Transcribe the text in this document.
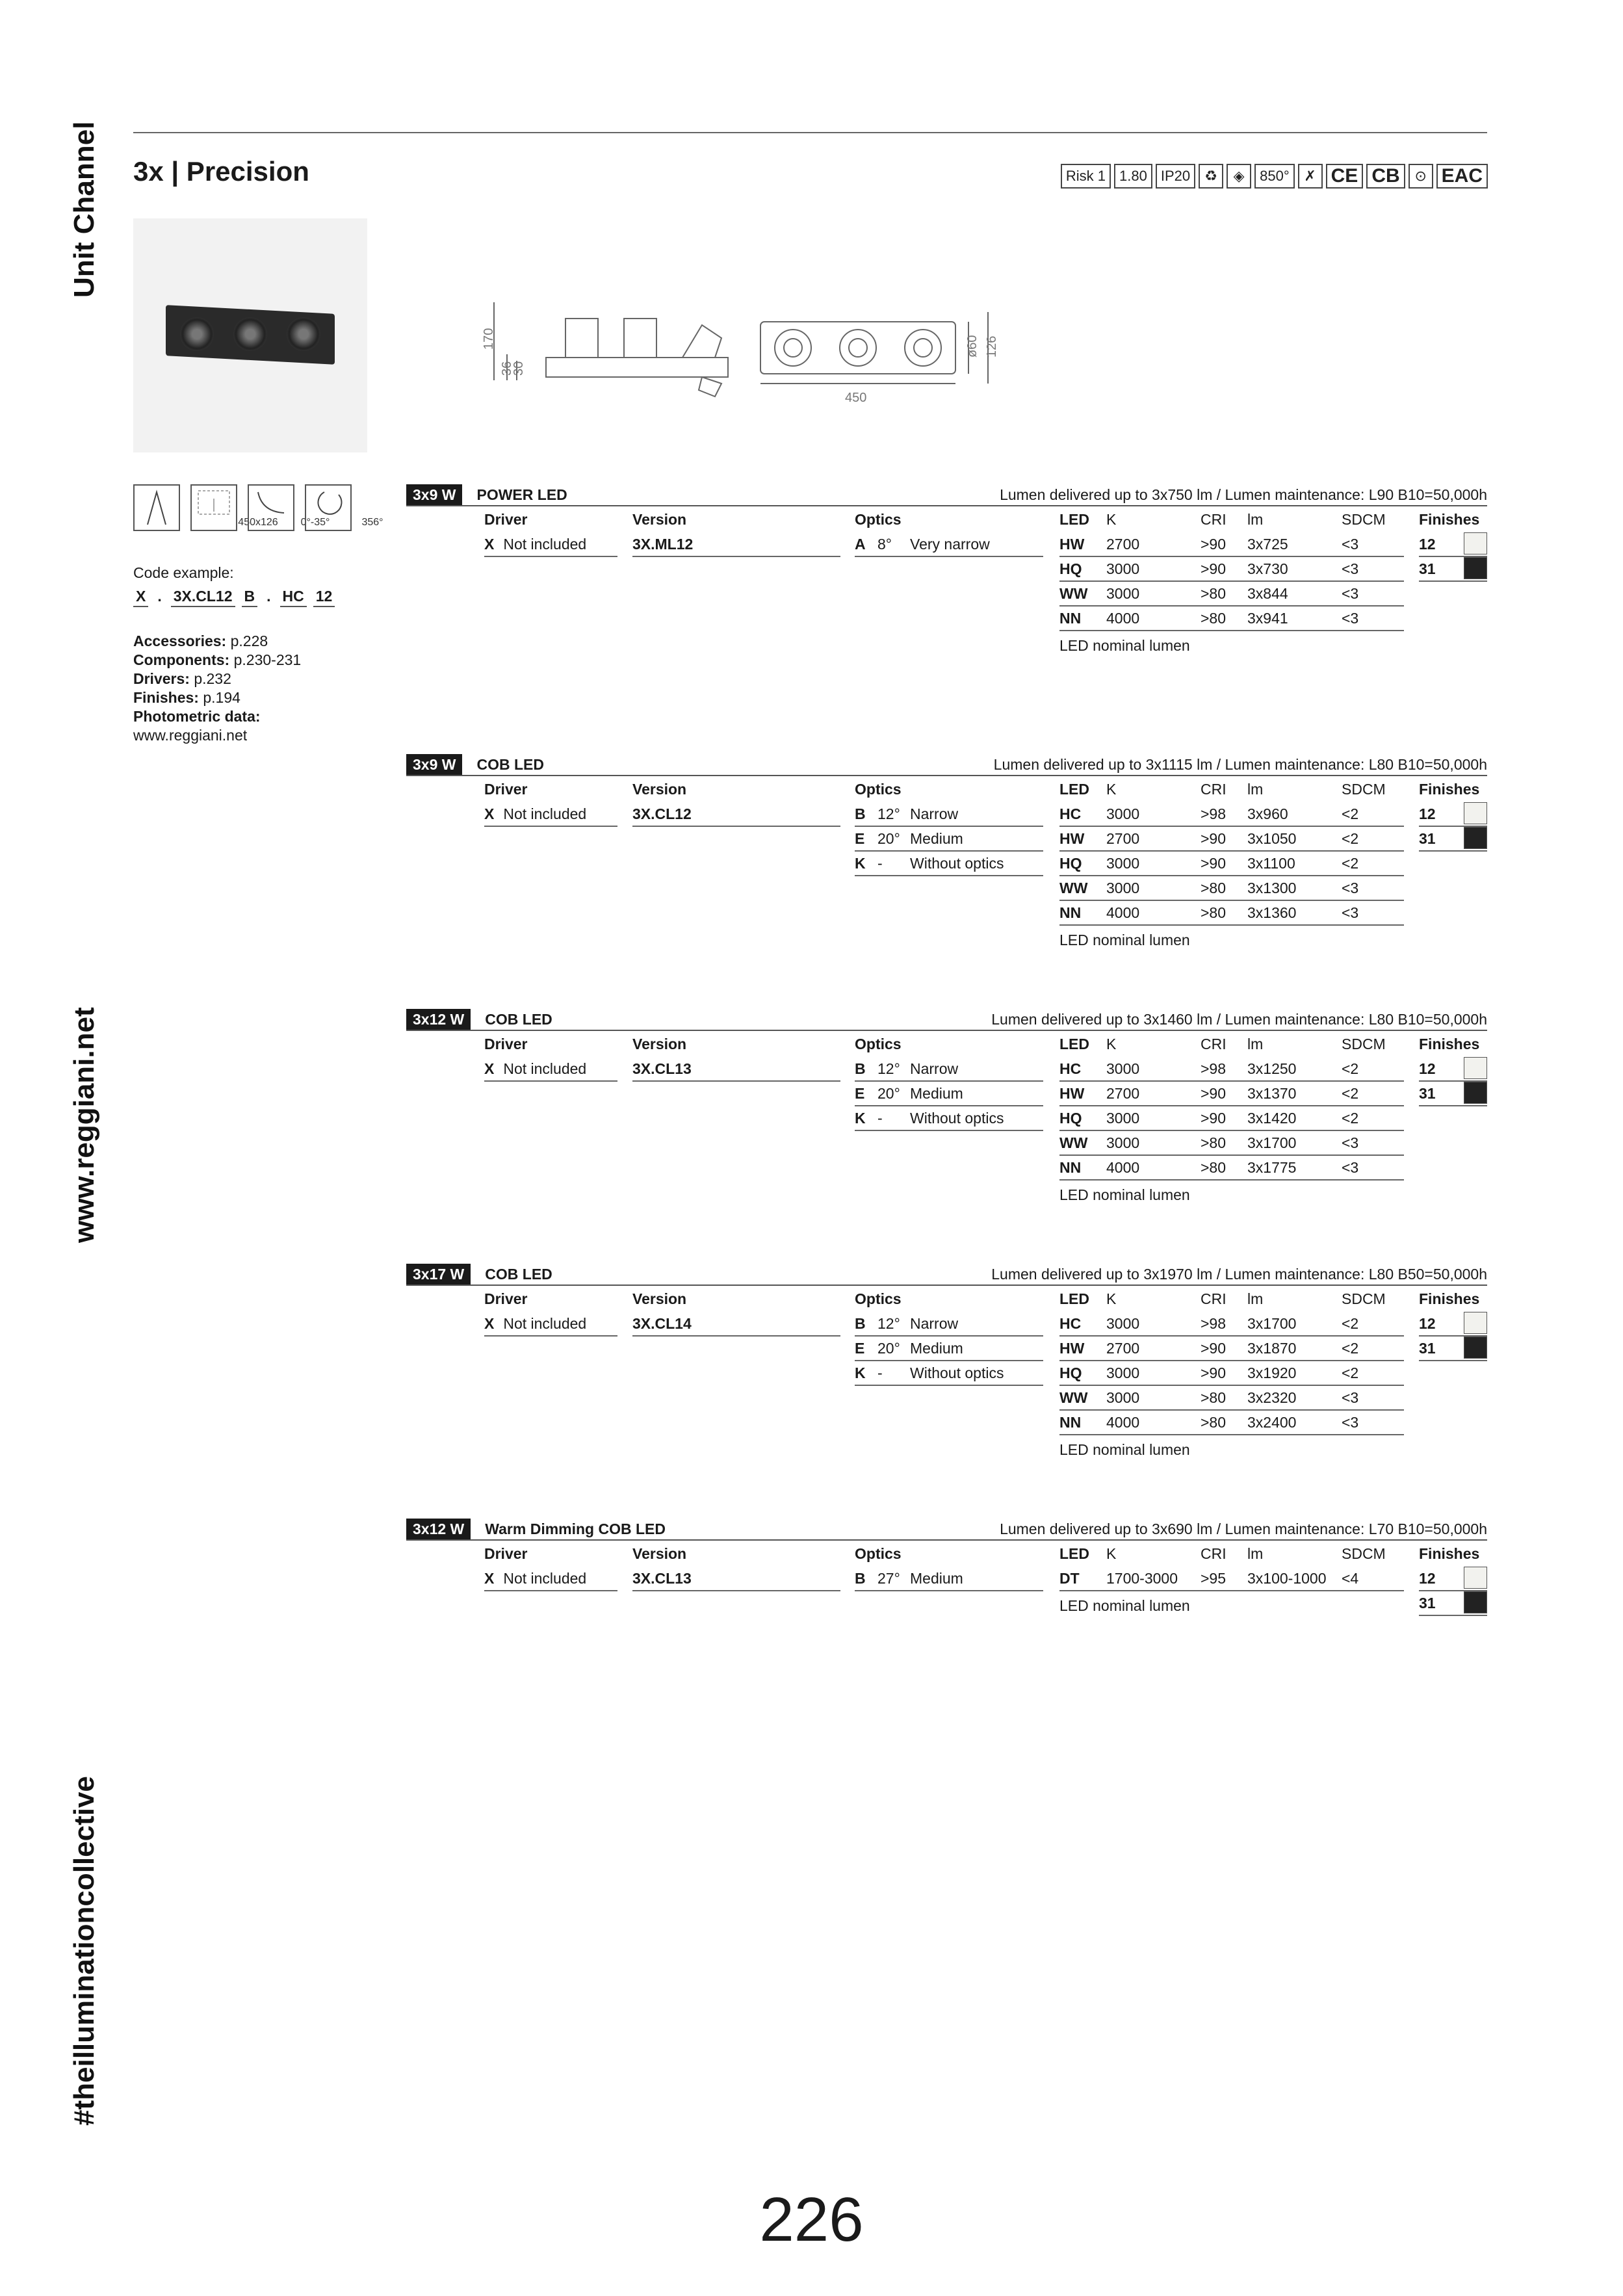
Unit Channel
www.reggiani.net
#theilluminationcollective
3x | Precision	Risk 1 1.80 IP20	♻	◈	850°	✗ CE CB	⊙ EAC
170
36
30
450
ø60 126
450x126	0°-35°	356°
Code example:
X . 3X.CL12 B . HC 12
Accessories: p.228
Components: p.230-231
Drivers: p.232
Finishes: p.194
Photometric data:
www.reggiani.net
3x9 W	POWER LED	Lumen delivered up to 3x750 lm / Lumen maintenance: L90 B10=50,000h
Driver
X Not included
Version
3X.ML12
Optics
A 8° Very narrow
LED K	CRI lm	SDCM
HW 2700	>90 3x725	<3
HQ 3000	>90 3x730	<3
WW 3000	>80 3x844	<3
NN 4000	>80 3x941	<3
LED nominal lumen
Finishes
12
31
3x9 W	COB LED	Lumen delivered up to 3x1115 lm / Lumen maintenance: L80 B10=50,000h
Driver
X Not included
Version
3X.CL12
Optics
B 12° Narrow
E 20° Medium
K - Without optics
LED K	CRI lm	SDCM
HC 3000	>98 3x960	<2
HW 2700	>90 3x1050	<2
HQ 3000	>90 3x1100	<2
WW 3000	>80 3x1300	<3
NN 4000	>80 3x1360	<3
LED nominal lumen
Finishes
12
31
3x12 W	COB LED	Lumen delivered up to 3x1460 lm / Lumen maintenance: L80 B10=50,000h
Driver
X Not included
Version
3X.CL13
Optics
B 12° Narrow
E 20° Medium
K - Without optics
LED K	CRI lm	SDCM
HC 3000	>98 3x1250	<2
HW 2700	>90 3x1370	<2
HQ 3000	>90 3x1420	<2
WW 3000	>80 3x1700	<3
NN 4000	>80 3x1775	<3
LED nominal lumen
Finishes
12
31
3x17 W	COB LED	Lumen delivered up to 3x1970 lm / Lumen maintenance: L80 B50=50,000h
Driver
X Not included
Version
3X.CL14
Optics
B 12° Narrow
E 20° Medium
K - Without optics
LED K	CRI lm	SDCM
HC 3000	>98 3x1700	<2
HW 2700	>90 3x1870	<2
HQ 3000	>90 3x1920	<2
WW 3000	>80 3x2320	<3
NN 4000	>80 3x2400	<3
LED nominal lumen
Finishes
12
31
3x12 W	Warm Dimming COB LED	Lumen delivered up to 3x690 lm / Lumen maintenance: L70 B10=50,000h
Driver
X Not included
Version
3X.CL13
Optics
B 27° Medium
LED K	CRI lm	SDCM
DT 1700-3000 >95 3x100-1000 <4
LED nominal lumen
Finishes
12
31
226
